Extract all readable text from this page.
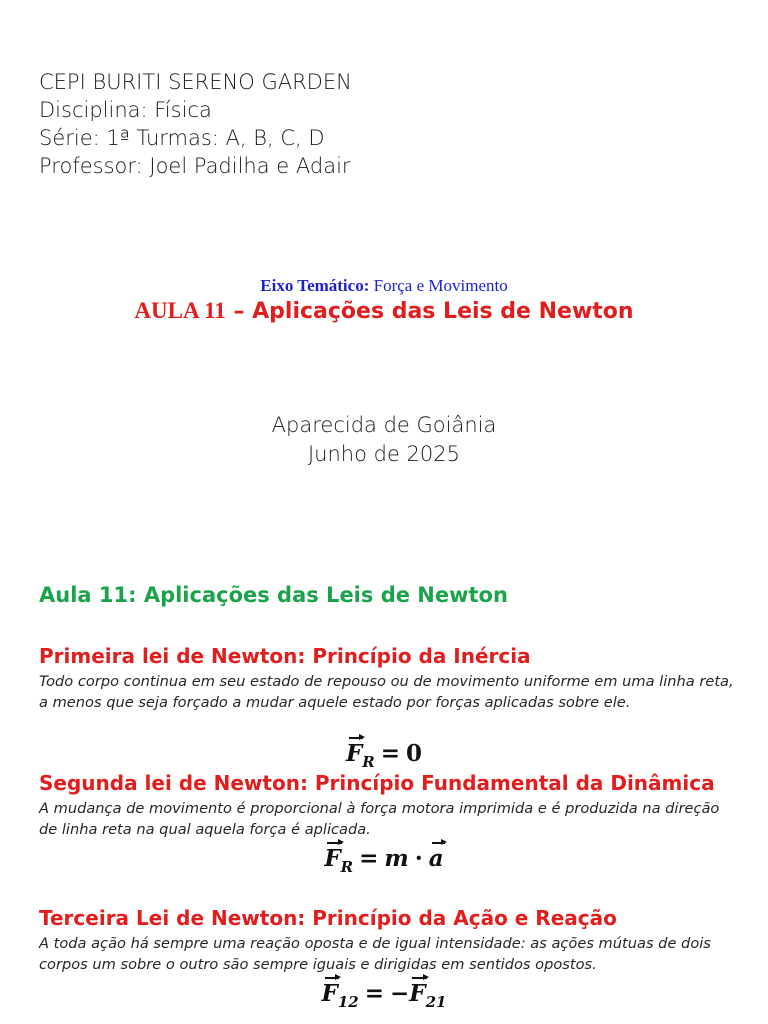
CEPI BURITI SERENO GARDEN
Disciplina: Física
Série: 1ª Turmas: A, B, C, D
Professor: Joel Padilha e Adair
Eixo Temático: Força e Movimento
AULA 11 – Aplicações das Leis de Newton
Aparecida de Goiânia
Junho de 2025
Aula 11: Aplicações das Leis de Newton
Primeira lei de Newton: Princípio da Inércia
Todo corpo continua em seu estado de repouso ou de movimento uniforme em uma linha reta, a menos que seja forçado a mudar aquele estado por forças aplicadas sobre ele.
$F_R = 0$
Segunda lei de Newton: Princípio Fundamental da Dinâmica
A mudança de movimento é proporcional à força motora imprimida e é produzida na direção de linha reta na qual aquela força é aplicada.
$F_R = m \cdot a$
Terceira Lei de Newton: Princípio da Ação e Reação
A toda ação há sempre uma reação oposta e de igual intensidade: as ações mútuas de dois corpos um sobre o outro são sempre iguais e dirigidas em sentidos opostos.
$F_{12} = -F_{21}$
